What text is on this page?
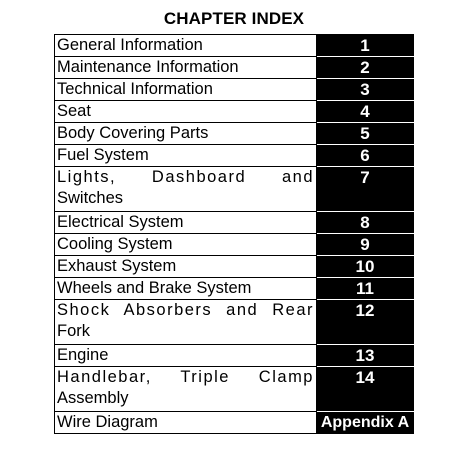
CHAPTER INDEX
General Information	1
Maintenance Information	2
Technical Information	3
Seat	4
Body Covering Parts	5
Fuel System	6

Lights, Dashboard and
Switches	7
Electrical System	8
Cooling System	9
Exhaust System	10
Wheels and Brake System	11

Shock Absorbers and Rear
Fork	12
Engine	13

Handlebar, Triple Clamp
Assembly	14
Wire Diagram	Appendix A
